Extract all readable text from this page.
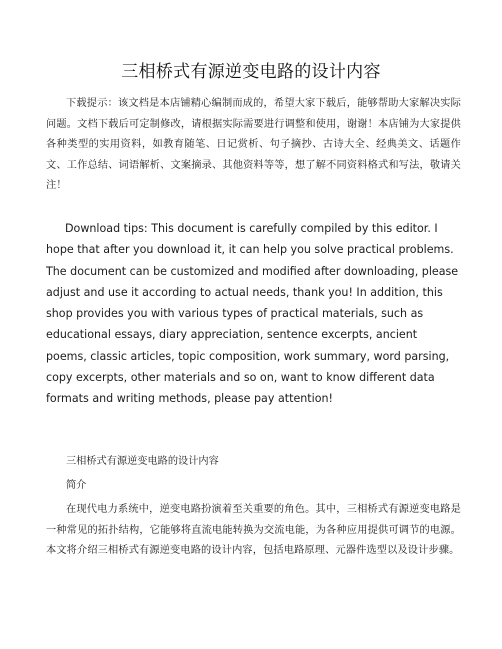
三相桥式有源逆变电路的设计内容

下载提示：该文档是本店铺精心编制而成的，希望大家下载后，能够帮助大家解决实际问题。文档下载后可定制修改，请根据实际需要进行调整和使用，谢谢！本店铺为大家提供各种类型的实用资料，如教育随笔、日记赏析、句子摘抄、古诗大全、经典美文、话题作文、工作总结、词语解析、文案摘录、其他资料等等，想了解不同资料格式和写法，敬请关注！

Download tips: This document is carefully compiled by this editor. I hope that after you download it, it can help you solve practical problems. The document can be customized and modified after downloading, please adjust and use it according to actual needs, thank you! In addition, this shop provides you with various types of practical materials, such as educational essays, diary appreciation, sentence excerpts, ancient poems, classic articles, topic composition, work summary, word parsing, copy excerpts, other materials and so on, want to know different data formats and writing methods, please pay attention!

三相桥式有源逆变电路的设计内容
简介

在现代电力系统中，逆变电路扮演着至关重要的角色。其中，三相桥式有源逆变电路是一种常见的拓扑结构，它能够将直流电能转换为交流电能，为各种应用提供可调节的电源。本文将介绍三相桥式有源逆变电路的设计内容，包括电路原理、元器件选型以及设计步骤。
